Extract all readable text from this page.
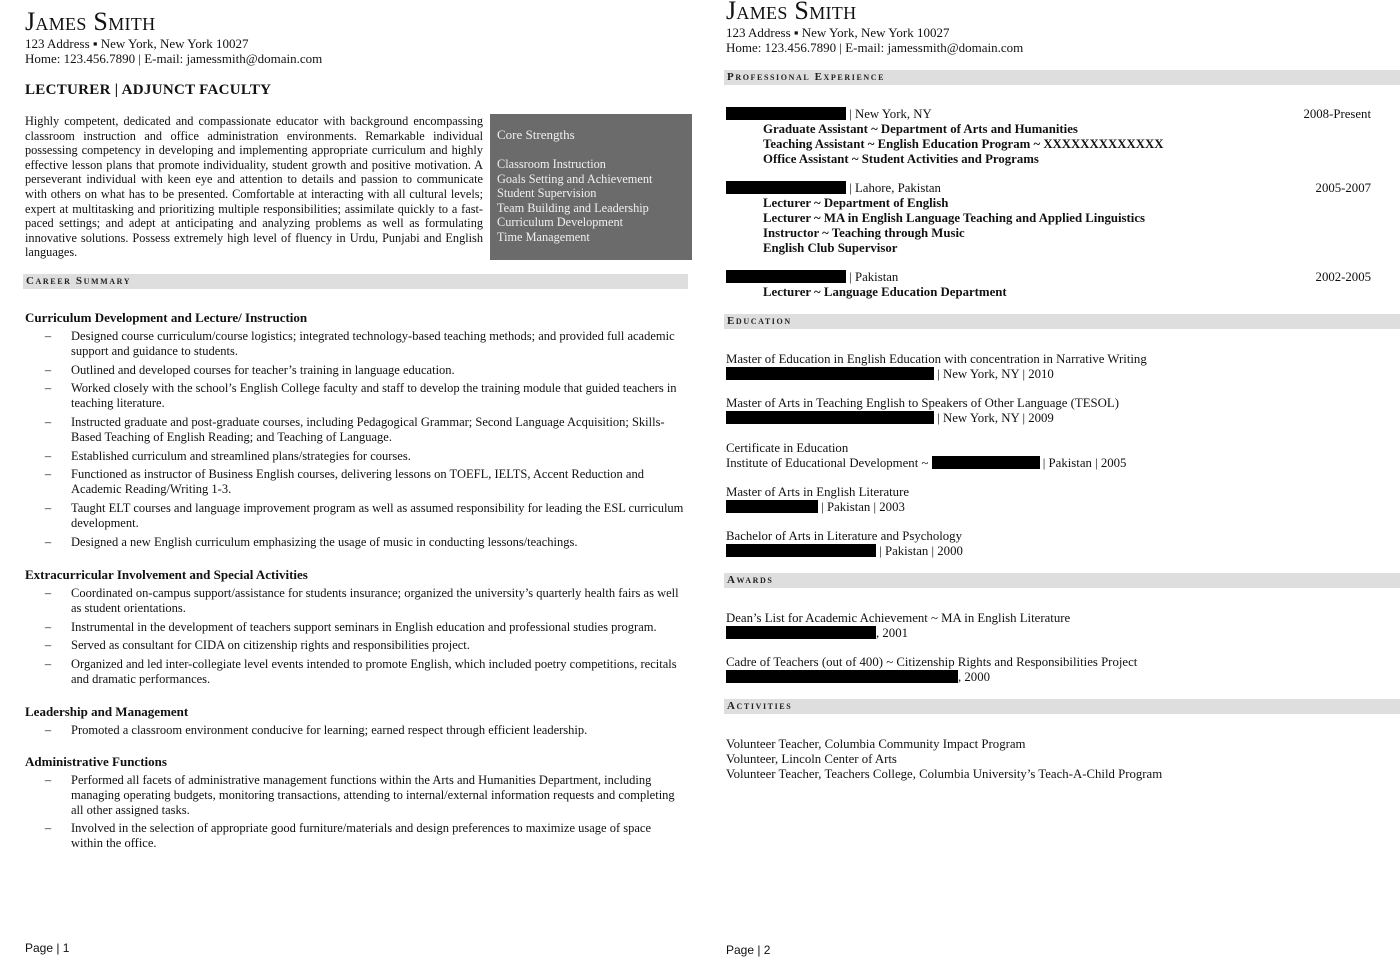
James Smith
123 Address ▪ New York, New York 10027
Home: 123.456.7890 | E-mail: jamessmith@domain.com
LECTURER | ADJUNCT FACULTY

Highly competent, dedicated and compassionate educator with background encompassing classroom instruction and office administration environments. Remarkable individual possessing competency in developing and implementing appropriate curriculum and highly effective lesson plans that promote individuality, student growth and positive motivation. A perseverant individual with keen eye and attention to details and passion to communicate with others on what has to be presented. Comfortable at interacting with all cultural levels; expert at multitasking and prioritizing multiple responsibilities; assimilate quickly to a fast-paced settings; and adept at anticipating and analyzing problems as well as formulating innovative solutions. Possess extremely high level of fluency in Urdu, Punjabi and English languages.

Core Strengths
Classroom Instruction
Goals Setting and Achievement
Student Supervision
Team Building and Leadership
Curriculum Development
Time Management
Career Summary
Curriculum Development and Lecture/ Instruction
–	Designed course curriculum/course logistics; integrated technology-based teaching methods; and provided full academic support and guidance to students.
–	Outlined and developed courses for teacher’s training in language education.
–	Worked closely with the school’s English College faculty and staff to develop the training module that guided teachers in teaching literature.
–	Instructed graduate and post-graduate courses, including Pedagogical Grammar; Second Language Acquisition; Skills-Based Teaching of English Reading; and Teaching of Language.
–	Established curriculum and streamlined plans/strategies for courses.
–	Functioned as instructor of Business English courses, delivering lessons on TOEFL, IELTS, Accent Reduction and Academic Reading/Writing 1-3.
–	Taught ELT courses and language improvement program as well as assumed responsibility for leading the ESL curriculum development.
–	Designed a new English curriculum emphasizing the usage of music in conducting lessons/teachings.
Extracurricular Involvement and Special Activities
–	Coordinated on-campus support/assistance for students insurance; organized the university’s quarterly health fairs as well as student orientations.
–	Instrumental in the development of teachers support seminars in English education and professional studies program.
–	Served as consultant for CIDA on citizenship rights and responsibilities project.
–	Organized and led inter-collegiate level events intended to promote English, which included poetry competitions, recitals and dramatic performances.
Leadership and Management
–	Promoted a classroom environment conducive for learning; earned respect through efficient leadership.
Administrative Functions
–	Performed all facets of administrative management functions within the Arts and Humanities Department, including managing operating budgets, monitoring transactions, attending to internal/external information requests and completing all other assigned tasks.
–	Involved in the selection of appropriate good furniture/materials and design preferences to maximize usage of space within the office.
Page | 1
James Smith
123 Address ▪ New York, New York 10027
Home: 123.456.7890 | E-mail: jamessmith@domain.com
Professional Experience
| New York, NY	2008-Present
Graduate Assistant ~ Department of Arts and Humanities
Teaching Assistant ~ English Education Program ~ XXXXXXXXXXXXX
Office Assistant ~ Student Activities and Programs
| Lahore, Pakistan	2005-2007
Lecturer ~ Department of English
Lecturer ~ MA in English Language Teaching and Applied Linguistics
Instructor ~ Teaching through Music
English Club Supervisor
| Pakistan	2002-2005
Lecturer ~ Language Education Department
Education
Master of Education in English Education with concentration in Narrative Writing
| New York, NY | 2010
Master of Arts in Teaching English to Speakers of Other Language (TESOL)
| New York, NY | 2009
Certificate in Education
Institute of Educational Development ~	| Pakistan | 2005
Master of Arts in English Literature
| Pakistan | 2003
Bachelor of Arts in Literature and Psychology
| Pakistan | 2000
Awards
Dean’s List for Academic Achievement ~ MA in English Literature
, 2001
Cadre of Teachers (out of 400) ~ Citizenship Rights and Responsibilities Project
, 2000
Activities
Volunteer Teacher, Columbia Community Impact Program
Volunteer, Lincoln Center of Arts
Volunteer Teacher, Teachers College, Columbia University’s Teach-A-Child Program
Page | 2
